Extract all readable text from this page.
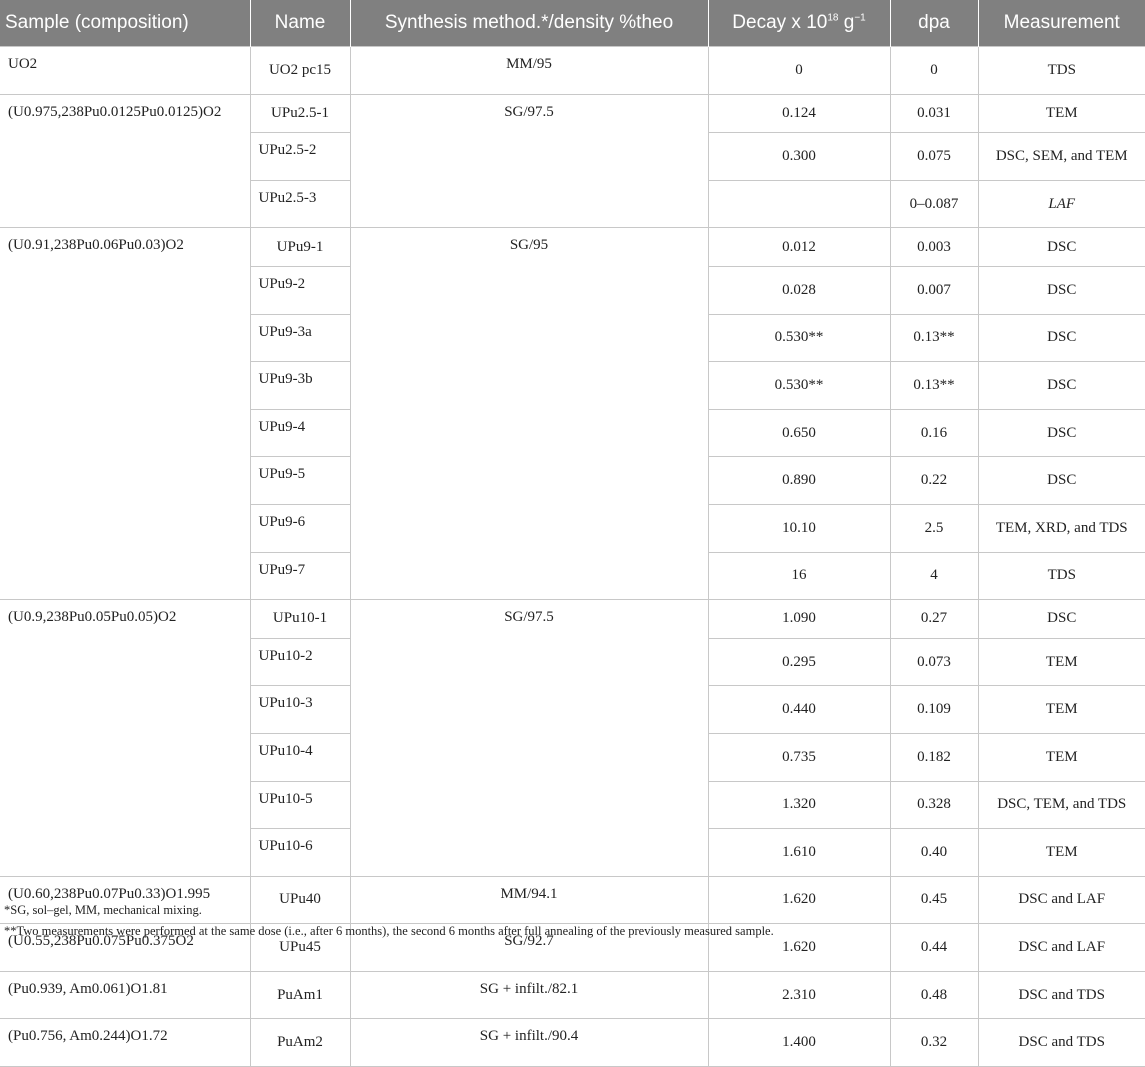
Sample (composition)	Name	Synthesis method.*/density %theo	Decay x $10^{18}$ $g^{-1}$	dpa	Measurement
UO2	UO2 pc15	MM/95	0	0	TDS
(U0.975,238Pu0.0125Pu0.0125)O2	UPu2.5-1	SG/97.5	0.124	0.031	TEM
	UPu2.5-2		0.300	0.075	DSC, SEM, and TEM
	UPu2.5-3			0–0.087	LAF
(U0.91,238Pu0.06Pu0.03)O2	UPu9-1	SG/95	0.012	0.003	DSC
	UPu9-2		0.028	0.007	DSC
	UPu9-3a		0.530**	0.13**	DSC
	UPu9-3b		0.530**	0.13**	DSC
	UPu9-4		0.650	0.16	DSC
	UPu9-5		0.890	0.22	DSC
	UPu9-6		10.10	2.5	TEM, XRD, and TDS
	UPu9-7		16	4	TDS
(U0.9,238Pu0.05Pu0.05)O2	UPu10-1	SG/97.5	1.090	0.27	DSC
	UPu10-2		0.295	0.073	TEM
	UPu10-3		0.440	0.109	TEM
	UPu10-4		0.735	0.182	TEM
	UPu10-5		1.320	0.328	DSC, TEM, and TDS
	UPu10-6		1.610	0.40	TEM
(U0.60,238Pu0.07Pu0.33)O1.995	UPu40	MM/94.1	1.620	0.45	DSC and LAF
(U0.55,238Pu0.075Pu0.375O2	UPu45	SG/92.7	1.620	0.44	DSC and LAF
(Pu0.939, Am0.061)O1.81	PuAm1	SG + infilt./82.1	2.310	0.48	DSC and TDS
(Pu0.756, Am0.244)O1.72	PuAm2	SG + infilt./90.4	1.400	0.32	DSC and TDS
*SG, sol–gel, MM, mechanical mixing.
**Two measurements were performed at the same dose (i.e., after 6 months), the second 6 months after full annealing of the previously measured sample.
